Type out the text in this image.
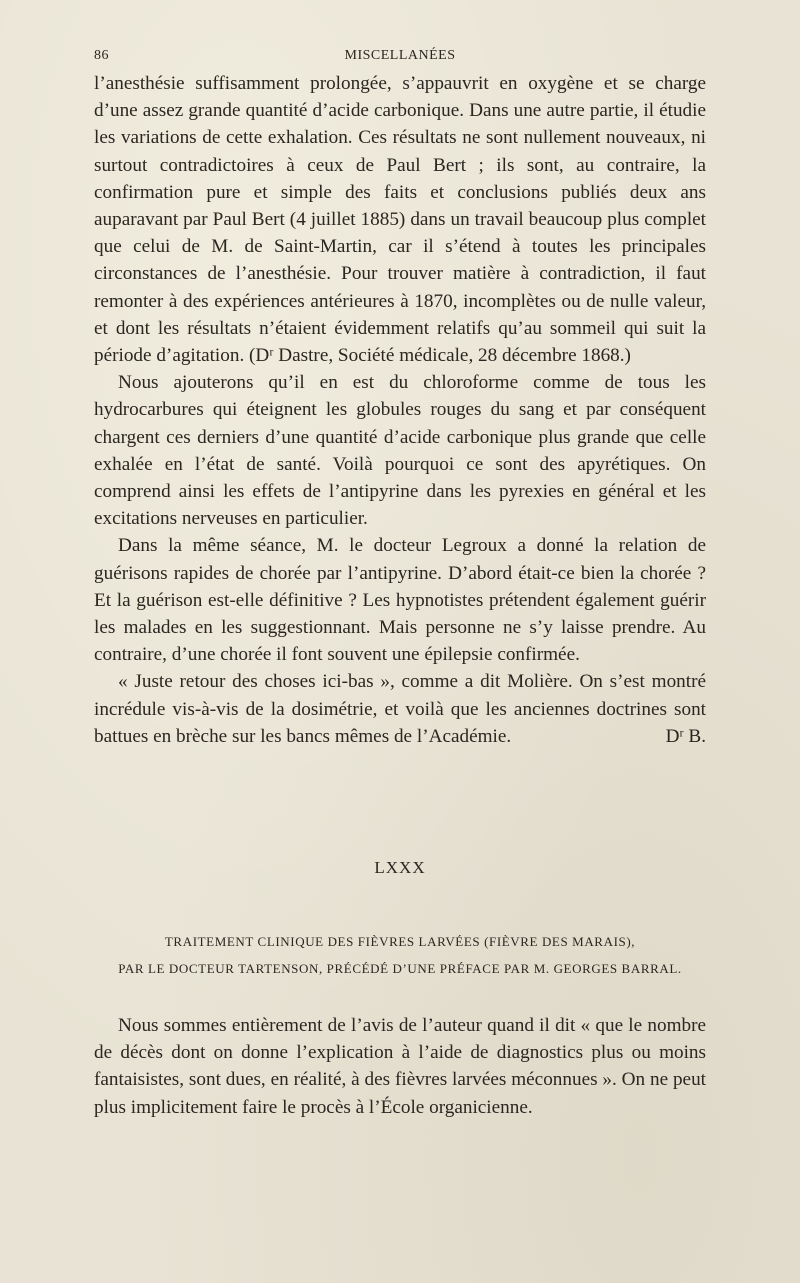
86	MISCELLANÉES

l’anesthésie suffisamment prolongée, s’appauvrit en oxygène et se charge d’une assez grande quantité d’acide carbonique. Dans une autre partie, il étudie les variations de cette exhalation. Ces résultats ne sont nullement nouveaux, ni surtout contradictoires à ceux de Paul Bert ; ils sont, au contraire, la confirmation pure et simple des faits et conclusions publiés deux ans auparavant par Paul Bert (4 juillet 1885) dans un travail beaucoup plus complet que celui de M. de Saint-Martin, car il s’étend à toutes les principales circonstances de l’anesthésie. Pour trouver matière à contradiction, il faut remonter à des expériences antérieures à 1870, incomplètes ou de nulle valeur, et dont les résultats n’étaient évidemment relatifs qu’au sommeil qui suit la période d’agitation. (Dʳ Dastre, Société médicale, 28 décembre 1868.)

Nous ajouterons qu’il en est du chloroforme comme de tous les hydrocarbures qui éteignent les globules rouges du sang et par conséquent chargent ces derniers d’une quantité d’acide carbonique plus grande que celle exhalée en l’état de santé. Voilà pourquoi ce sont des apyrétiques. On comprend ainsi les effets de l’antipyrine dans les pyrexies en général et les excitations nerveuses en particulier.

Dans la même séance, M. le docteur Legroux a donné la relation de guérisons rapides de chorée par l’antipyrine. D’abord était-ce bien la chorée ? Et la guérison est-elle définitive ? Les hypnotistes prétendent également guérir les malades en les suggestionnant. Mais personne ne s’y laisse prendre. Au contraire, d’une chorée il font souvent une épilepsie confirmée.

« Juste retour des choses ici-bas », comme a dit Molière. On s’est montré incrédule vis-à-vis de la dosimétrie, et voilà que les anciennes doctrines sont battues en brèche sur les bancs mêmes de l’Académie.	Dʳ B.

LXXX
TRAITEMENT CLINIQUE DES FIÈVRES LARVÉES (FIÈVRE DES MARAIS),
PAR LE DOCTEUR TARTENSON, PRÉCÉDÉ D’UNE PRÉFACE PAR M. GEORGES BARRAL.

Nous sommes entièrement de l’avis de l’auteur quand il dit « que le nombre de décès dont on donne l’explication à l’aide de diagnostics plus ou moins fantaisistes, sont dues, en réalité, à des fièvres larvées méconnues ». On ne peut plus implicitement faire le procès à l’École organicienne.
